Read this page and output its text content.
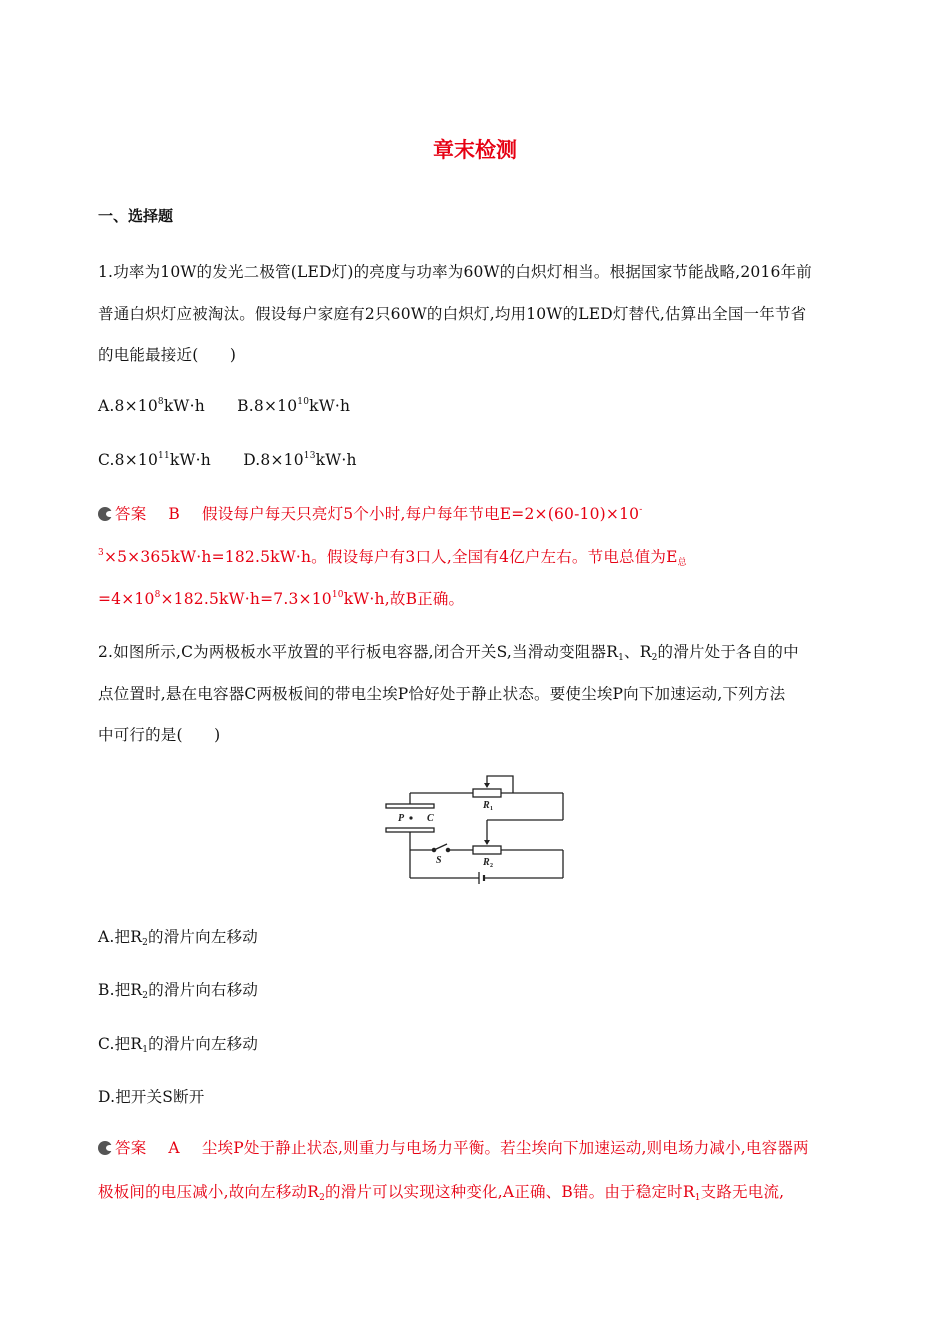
章末检测
一、选择题
1.功率为10W的发光二极管(LED灯)的亮度与功率为60W的白炽灯相当。根据国家节能战略,2016年前
普通白炽灯应被淘汰。假设每户家庭有2只60W的白炽灯,均用10W的LED灯替代,估算出全国一年节省
的电能最接近(　　)
$A.8\times 10^8kW\cdot h$ $B.8\times 10^{10}kW\cdot h$
$C.8\times 10^{11}kW\cdot h$ $D.8\times 10^{13}kW\cdot h$
答案 B 假设每户每天只亮灯5个小时,每户每年节电E=2×(60-10)×10-
$^3$×5×365kW·h=182.5kW·h。假设每户有3口人,全国有4亿户左右。节电总值为$E_总$
$=4\times 10^8\times 182.5kW\cdot h=7.3\times 10^{10}kW\cdot h$,故B正确。
2.如图所示,C为两极板水平放置的平行板电容器,闭合开关S,当滑动变阻器$R_1$、$R_2$的滑片处于各自的中
点位置时,悬在电容器C两极板间的带电尘埃P恰好处于静止状态。要使尘埃P向下加速运动,下列方法
中可行的是(　　)
P C
S
R 1
R 2
A.把$R_2$的滑片向左移动
B.把$R_2$的滑片向右移动
C.把$R_1$的滑片向左移动
D.把开关S断开
答案 A 尘埃P处于静止状态,则重力与电场力平衡。若尘埃向下加速运动,则电场力减小,电容器两
极板间的电压减小,故向左移动$R_2$的滑片可以实现这种变化,A正确、B错。由于稳定时$R_1$支路无电流,
